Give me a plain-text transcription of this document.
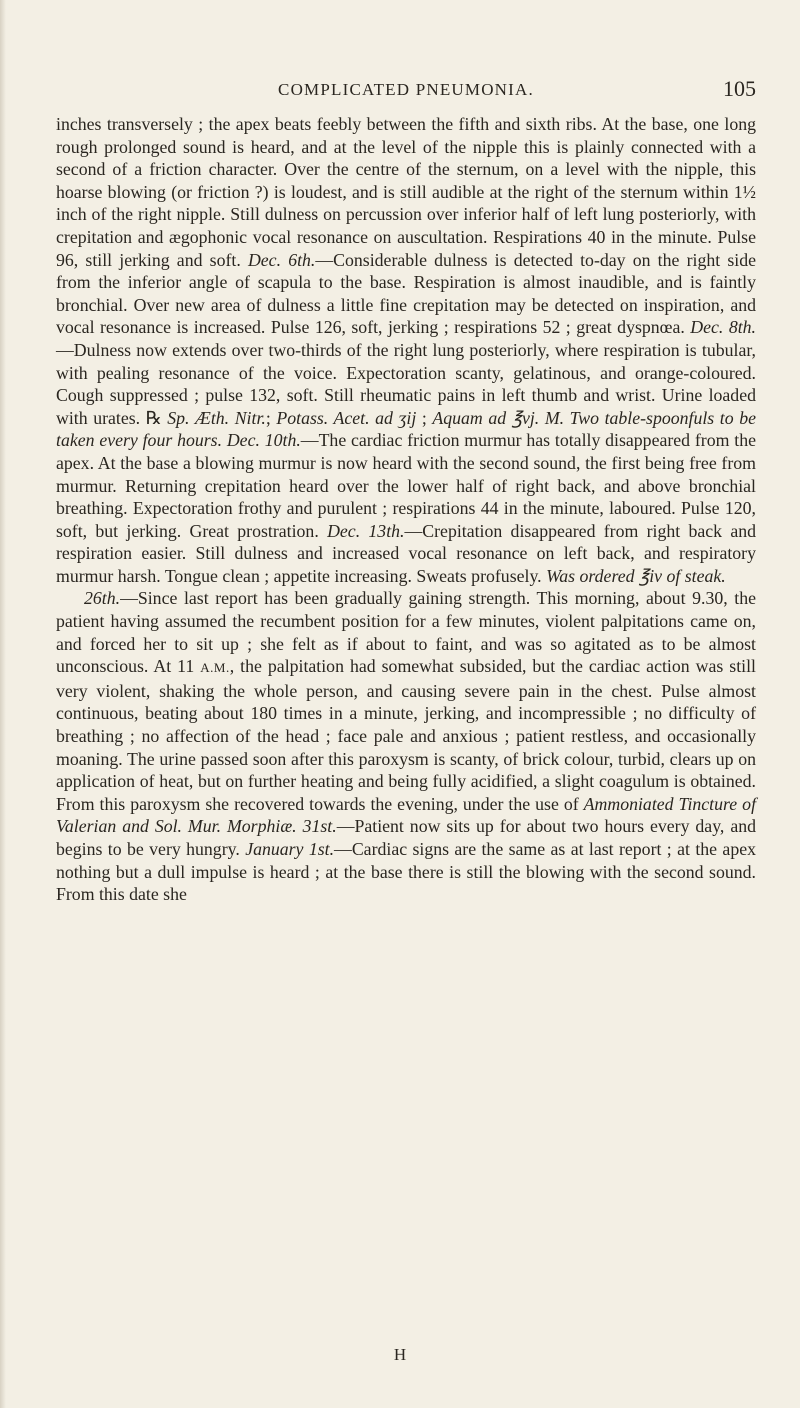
COMPLICATED PNEUMONIA.	105

inches transversely ; the apex beats feebly between the fifth and sixth ribs. At the base, one long rough prolonged sound is heard, and at the level of the nipple this is plainly connected with a second of a friction character. Over the centre of the sternum, on a level with the nipple, this hoarse blowing (or friction ?) is loudest, and is still audible at the right of the sternum within 1½ inch of the right nipple. Still dulness on percussion over inferior half of left lung posteriorly, with crepitation and ægophonic vocal resonance on auscultation. Respirations 40 in the minute. Pulse 96, still jerking and soft. Dec. 6th.—Considerable dulness is detected to-day on the right side from the inferior angle of scapula to the base. Respiration is almost inaudible, and is faintly bronchial. Over new area of dulness a little fine crepitation may be detected on inspiration, and vocal resonance is increased. Pulse 126, soft, jerking ; respirations 52 ; great dyspnœa. Dec. 8th.—Dulness now extends over two-thirds of the right lung posteriorly, where respiration is tubular, with pealing resonance of the voice. Expectoration scanty, gelatinous, and orange-coloured. Cough suppressed ; pulse 132, soft. Still rheumatic pains in left thumb and wrist. Urine loaded with urates. ℞ Sp. Æth. Nitr.; Potass. Acet. ad ʒij ; Aquam ad ℥vj. M. Two table-spoonfuls to be taken every four hours. Dec. 10th.—The cardiac friction murmur has totally disappeared from the apex. At the base a blowing murmur is now heard with the second sound, the first being free from murmur. Returning crepitation heard over the lower half of right back, and above bronchial breathing. Expectoration frothy and purulent ; respirations 44 in the minute, laboured. Pulse 120, soft, but jerking. Great prostration. Dec. 13th.—Crepitation disappeared from right back and respiration easier. Still dulness and increased vocal resonance on left back, and respiratory murmur harsh. Tongue clean ; appetite increasing. Sweats profusely. Was ordered ℥iv of steak.

26th.—Since last report has been gradually gaining strength. This morning, about 9.30, the patient having assumed the recumbent position for a few minutes, violent palpitations came on, and forced her to sit up ; she felt as if about to faint, and was so agitated as to be almost unconscious. At 11 A.M., the palpitation had somewhat subsided, but the cardiac action was still very violent, shaking the whole person, and causing severe pain in the chest. Pulse almost continuous, beating about 180 times in a minute, jerking, and incompressible ; no difficulty of breathing ; no affection of the head ; face pale and anxious ; patient restless, and occasionally moaning. The urine passed soon after this paroxysm is scanty, of brick colour, turbid, clears up on application of heat, but on further heating and being fully acidified, a slight coagulum is obtained. From this paroxysm she recovered towards the evening, under the use of Ammoniated Tincture of Valerian and Sol. Mur. Morphiæ. 31st.—Patient now sits up for about two hours every day, and begins to be very hungry. January 1st.—Cardiac signs are the same as at last report ; at the apex nothing but a dull impulse is heard ; at the base there is still the blowing with the second sound. From this date she

H
